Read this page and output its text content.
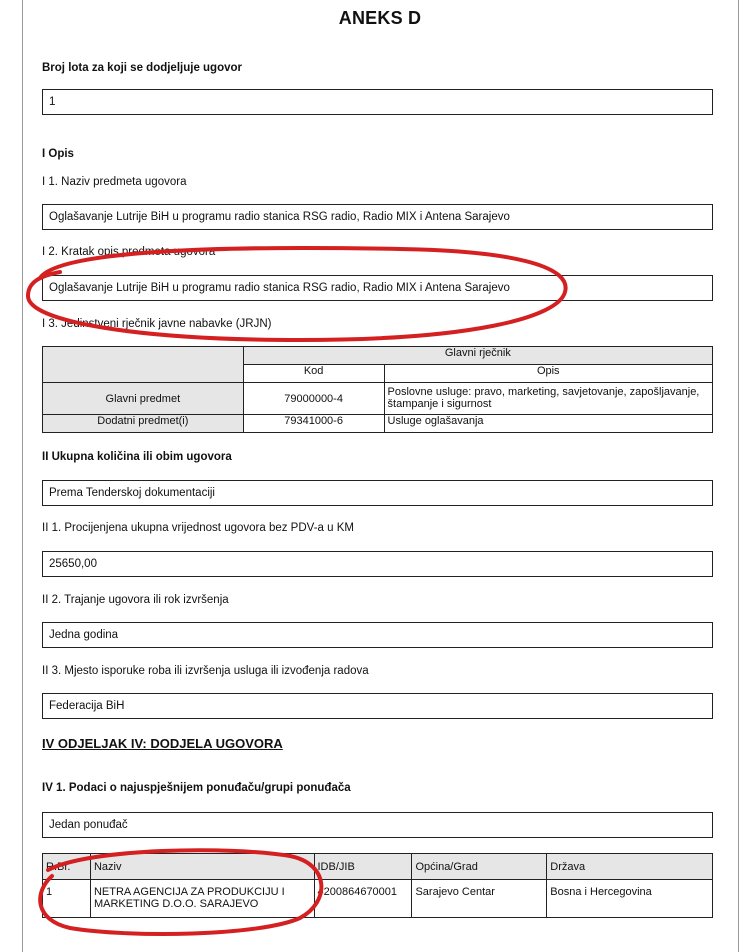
ANEKS D
Broj lota za koji se dodjeljuje ugovor
1
I Opis
I 1. Naziv predmeta ugovora
Oglašavanje Lutrije BiH u programu radio stanica RSG radio, Radio MIX i Antena Sarajevo
I 2. Kratak opis predmeta ugovora
Oglašavanje Lutrije BiH u programu radio stanica RSG radio, Radio MIX i Antena Sarajevo
I 3. Jedinstveni rječnik javne nabavke (JRJN)
	Glavni rječnik	
	Kod	Opis
Glavni predmet	79000000-4	Poslovne usluge: pravo, marketing, savjetovanje, zapošljavanje, štampanje i sigurnost
Dodatni predmet(i)	79341000-6	Usluge oglašavanja
II Ukupna količina ili obim ugovora
Prema Tenderskoj dokumentaciji
II 1. Procijenjena ukupna vrijednost ugovora bez PDV-a u KM
25650,00
II 2. Trajanje ugovora ili rok izvršenja
Jedna godina
II 3. Mjesto isporuke roba ili izvršenja usluga ili izvođenja radova
Federacija BiH
IV ODJELJAK IV: DODJELA UGOVORA
IV 1. Podaci o najuspješnijem ponuđaču/grupi ponuđača
Jedan ponuđač
R.Br.	Naziv	IDB/JIB	Općina/Grad	Država
1	NETRA AGENCIJA ZA PRODUKCIJU I MARKETING D.O.O. SARAJEVO	4200864670001	Sarajevo Centar	Bosna i Hercegovina
